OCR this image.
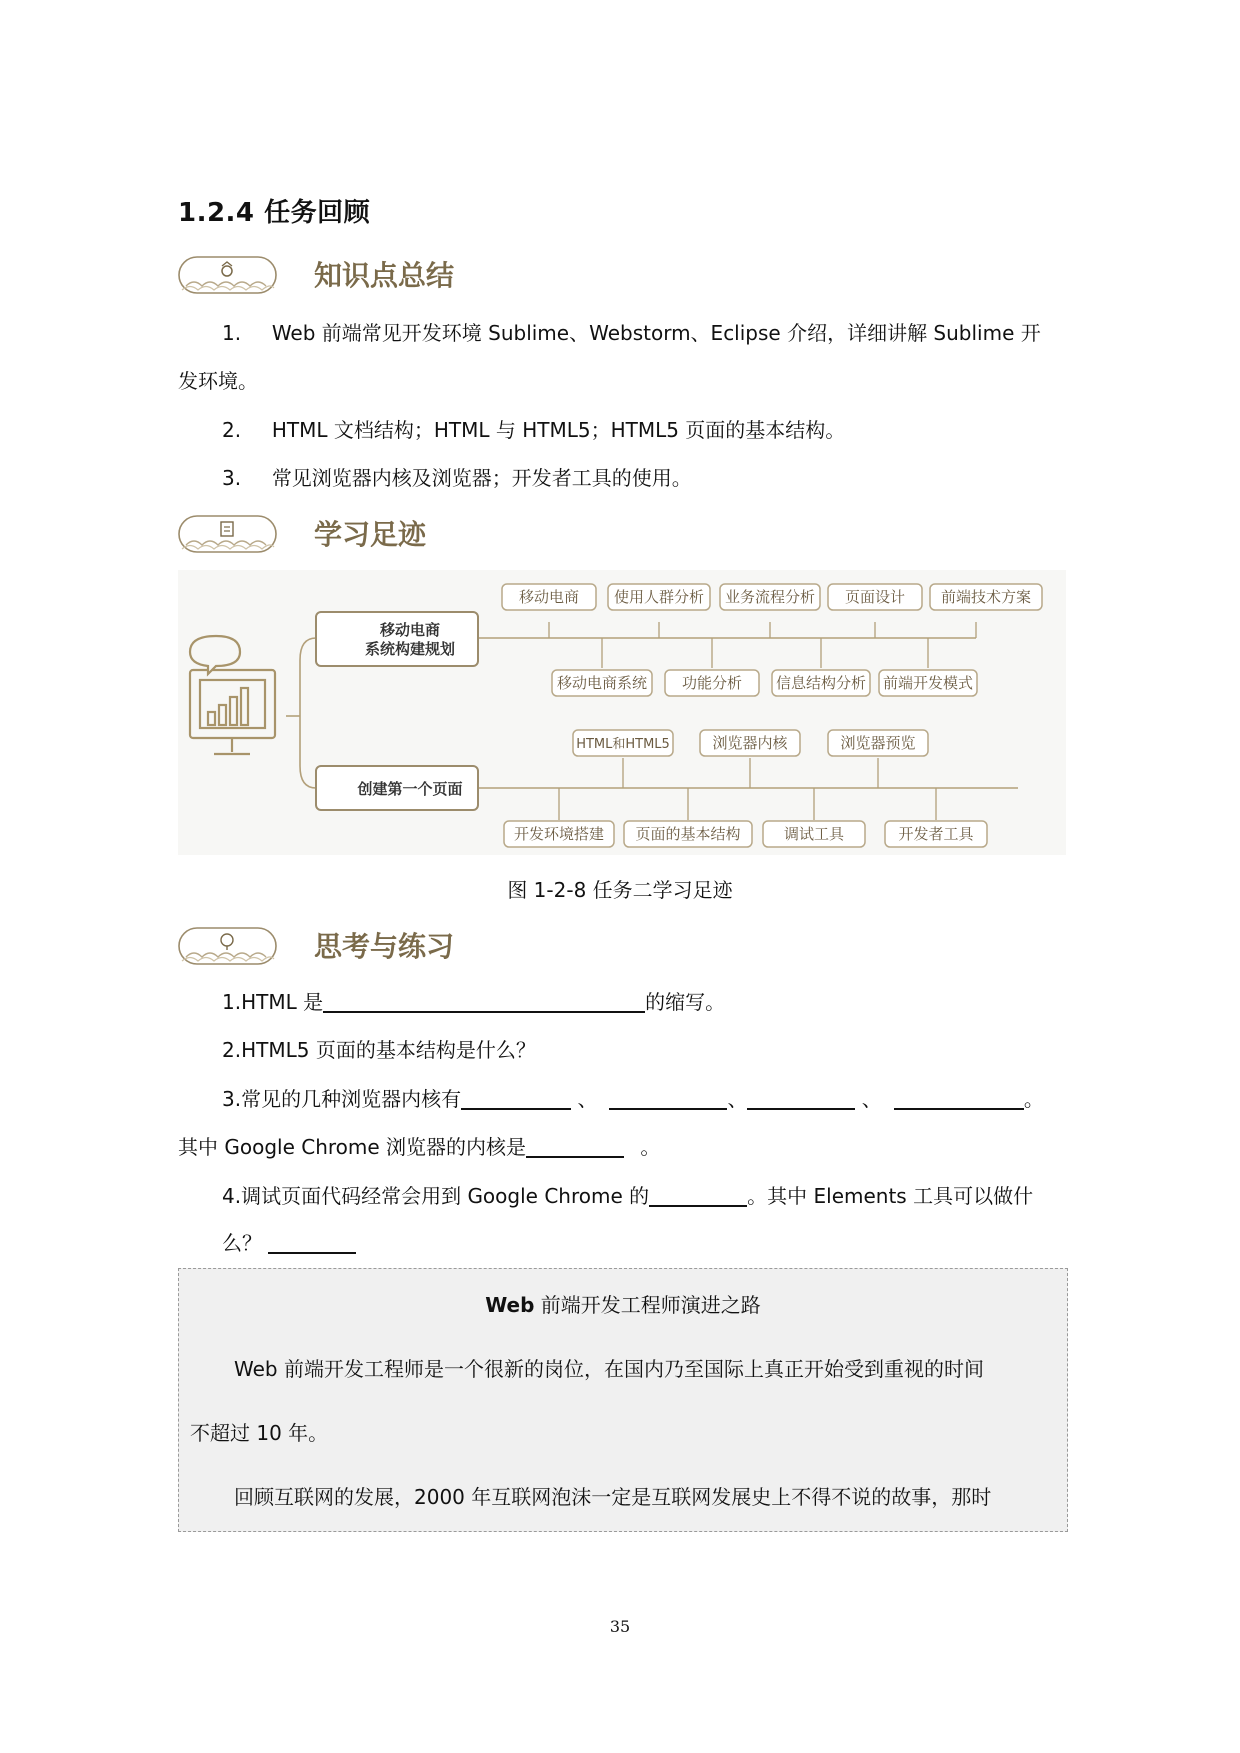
1.2.4 任务回顾
知识点总结
1. Web 前端常见开发环境 Sublime、Webstorm、Eclipse 介绍，详细讲解 Sublime 开
发环境。
2. HTML 文档结构；HTML 与 HTML5；HTML5 页面的基本结构。
3. 常见浏览器内核及浏览器；开发者工具的使用。
学习足迹
移动电商
系统构建规划
创建第一个页面
移动电商 使用人群分析 业务流程分析 页面设计 前端技术方案
移动电商系统 功能分析 信息结构分析 前端开发模式
HTML和HTML5	浏览器内核	浏览器预览
开发环境搭建 页面的基本结构	调试工具	开发者工具
图 1-2-8 任务二学习足迹
思考与练习
1.HTML 是	的缩写。
2.HTML5 页面的基本结构是什么？
3.常见的几种浏览器内核有	、	、	、	。
其中 Google Chrome 浏览器的内核是	。
4.调试页面代码经常会用到 Google Chrome 的	。其中 Elements 工具可以做什
么？
Web 前端开发工程师演进之路
Web 前端开发工程师是一个很新的岗位，在国内乃至国际上真正开始受到重视的时间
不超过 10 年。
回顾互联网的发展，2000 年互联网泡沫一定是互联网发展史上不得不说的故事，那时
35
